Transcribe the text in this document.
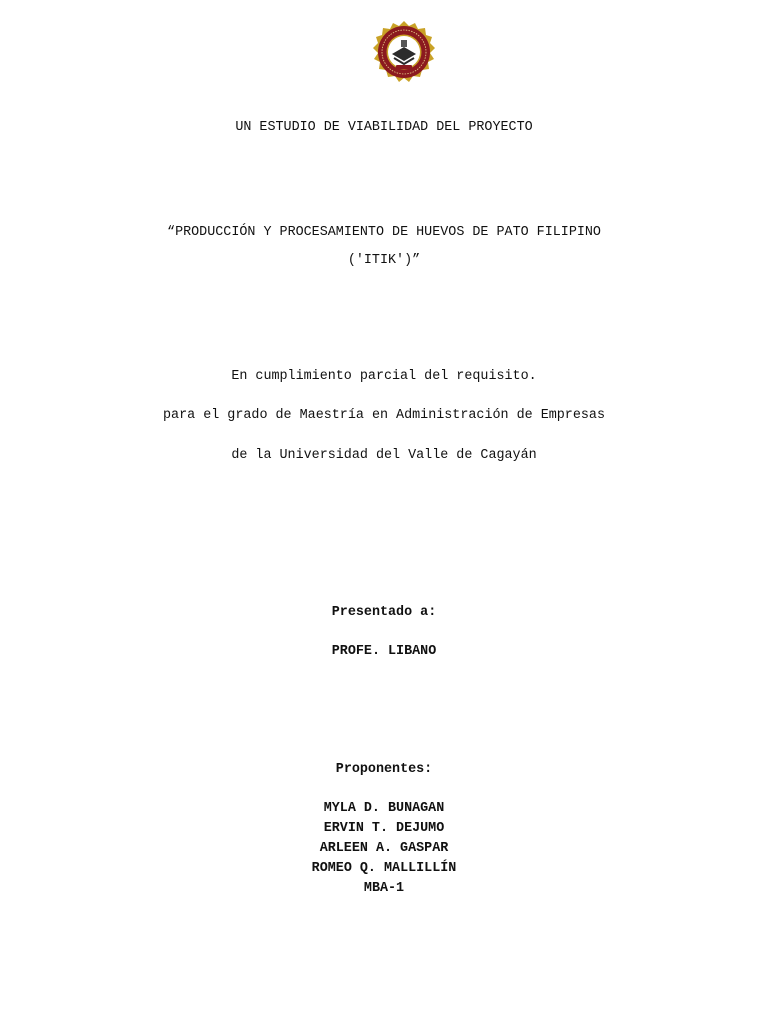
UN ESTUDIO DE VIABILIDAD DEL PROYECTO
“PRODUCCIÓN Y PROCESAMIENTO DE HUEVOS DE PATO FILIPINO
('ITIK')”
En cumplimiento parcial del requisito.
para el grado de Maestría en Administración de Empresas
de la Universidad del Valle de Cagayán
Presentado a:
PROFE. LIBANO
Proponentes:
MYLA D. BUNAGAN
ERVIN T. DEJUMO
ARLEEN A. GASPAR
ROMEO Q. MALLILLÍN
MBA-1
